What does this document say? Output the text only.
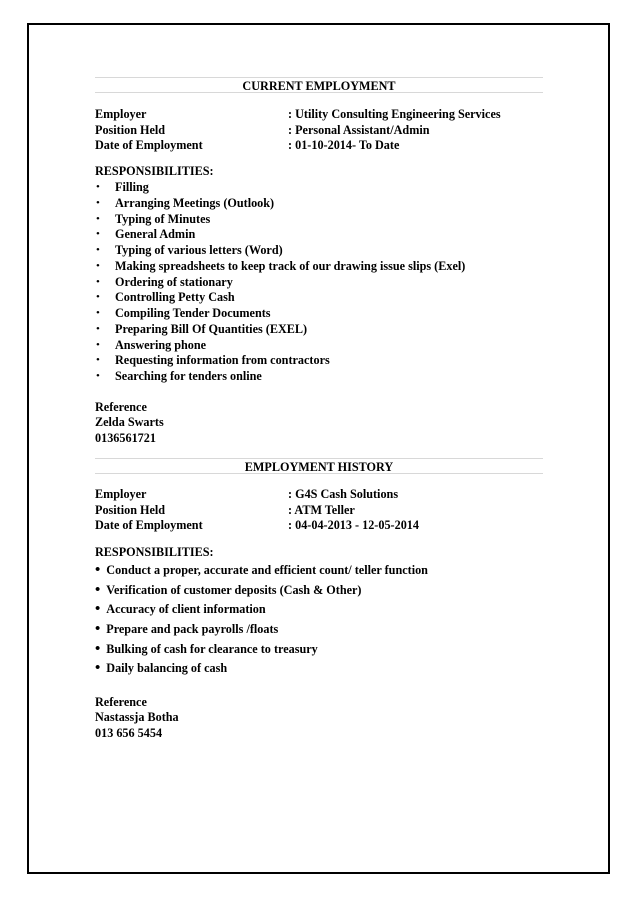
CURRENT EMPLOYMENT
Employer	: Utility Consulting Engineering Services
Position Held	: Personal Assistant/Admin
Date of Employment	: 01-10-2014- To Date
RESPONSIBILITIES:
• Filling
• Arranging Meetings (Outlook)
• Typing of Minutes
• General Admin
• Typing of various letters (Word)
• Making spreadsheets to keep track of our drawing issue slips (Exel)
• Ordering of stationary
• Controlling Petty Cash
• Compiling Tender Documents
• Preparing Bill Of Quantities (EXEL)
• Answering phone
• Requesting information from contractors
• Searching for tenders online
Reference
Zelda Swarts
0136561721
EMPLOYMENT HISTORY
Employer	: G4S Cash Solutions
Position Held	: ATM Teller
Date of Employment	: 04-04-2013 - 12-05-2014
RESPONSIBILITIES:
• Conduct a proper, accurate and efficient count/ teller function
• Verification of customer deposits (Cash & Other)
• Accuracy of client information
• Prepare and pack payrolls /floats
• Bulking of cash for clearance to treasury
• Daily balancing of cash
Reference
Nastassja Botha
013 656 5454
